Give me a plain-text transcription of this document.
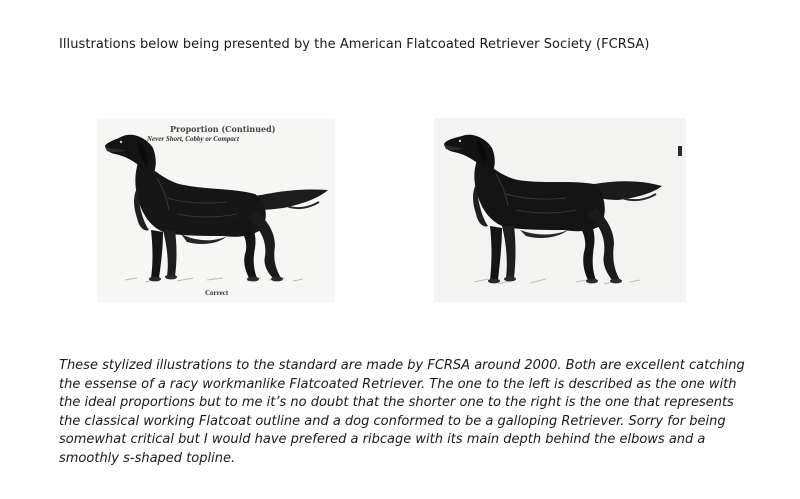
Illustrations below being presented by the American Flatcoated Retriever Society (FCRSA)
Proportion (Continued)
Never Short, Cobby or Compact
Correct

These stylized illustrations to the standard are made by FCRSA around 2000. Both are excellent catching the essense of a racy workmanlike Flatcoated Retriever. The one to the left is described as the one with the ideal proportions but to me it’s no doubt that the shorter one to the right is the one that represents the classical working Flatcoat outline and a dog conformed to be a galloping Retriever. Sorry for being somewhat critical but I would have prefered a ribcage with its main depth behind the elbows and a smoothly s-shaped topline.
